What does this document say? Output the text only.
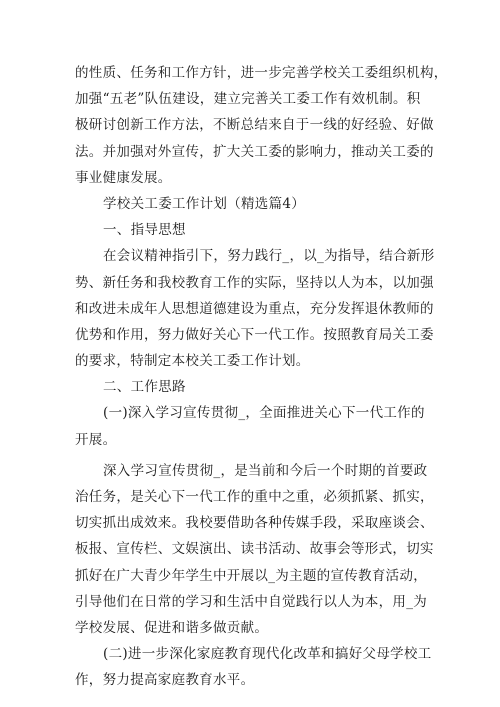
的性质、任务和工作方针，进一步完善学校关工委组织机构，
加强“五老”队伍建设，建立完善关工委工作有效机制。积
极研讨创新工作方法，不断总结来自于一线的好经验、好做
法。并加强对外宣传，扩大关工委的影响力，推动关工委的
事业健康发展。
学校关工委工作计划（精选篇4）
一、指导思想
在会议精神指引下，努力践行_，以_为指导，结合新形
势、新任务和我校教育工作的实际，坚持以人为本，以加强
和改进未成年人思想道德建设为重点，充分发挥退休教师的
优势和作用，努力做好关心下一代工作。按照教育局关工委
的要求，特制定本校关工委工作计划。
二、工作思路
(一)深入学习宣传贯彻_，全面推进关心下一代工作的
开展。
深入学习宣传贯彻_，是当前和今后一个时期的首要政
治任务，是关心下一代工作的重中之重，必须抓紧、抓实，
切实抓出成效来。我校要借助各种传媒手段，采取座谈会、
板报、宣传栏、文娱演出、读书活动、故事会等形式，切实
抓好在广大青少年学生中开展以_为主题的宣传教育活动，
引导他们在日常的学习和生活中自觉践行以人为本，用_为
学校发展、促进和谐多做贡献。
(二)进一步深化家庭教育现代化改革和搞好父母学校工
作，努力提高家庭教育水平。
